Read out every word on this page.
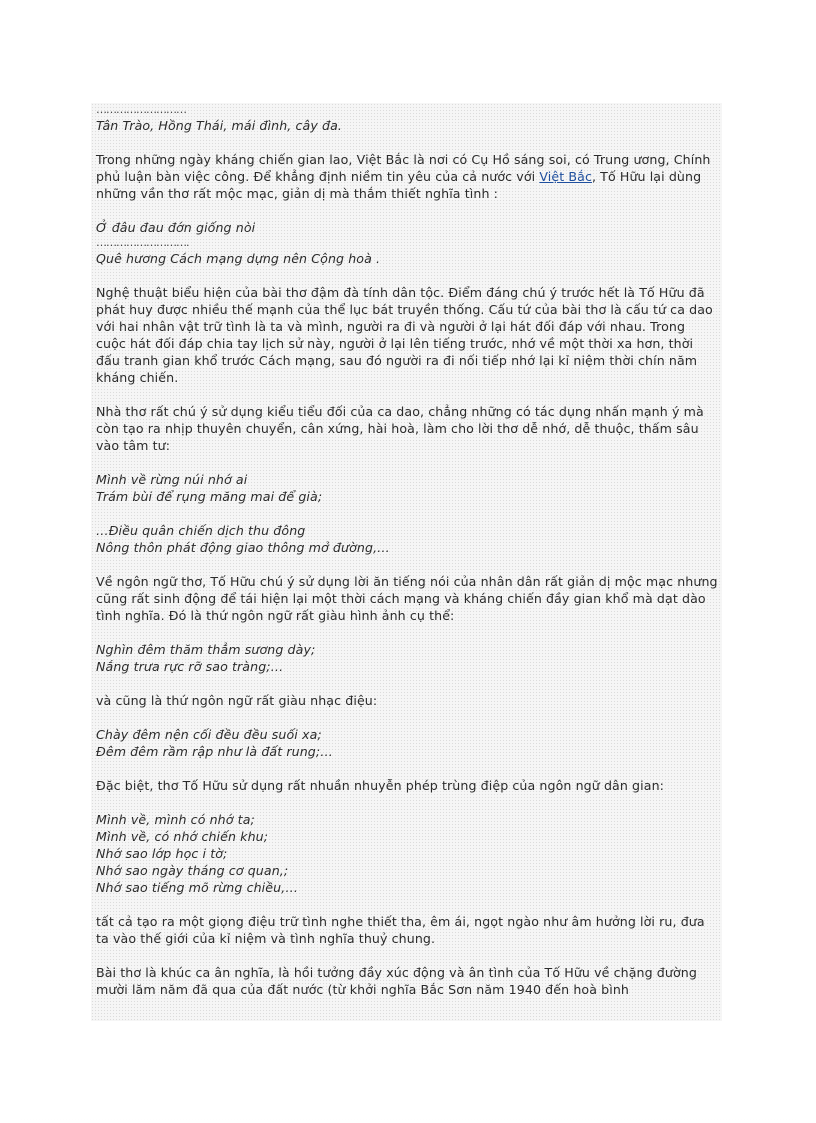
………………………

Tân Trào, Hồng Thái, mái đình, cây đa.

Trong những ngày kháng chiến gian lao, Việt Bắc là nơi có Cụ Hồ sáng soi, có Trung ương, Chính phủ luận bàn việc công. Để khẳng định niềm tin yêu của cả nước với Việt Bắc, Tố Hữu lại dùng những vần thơ rất mộc mạc, giản dị mà thắm thiết nghĩa tình :

Ở đâu đau đớn giống nòi

……………………….

Quê hương Cách mạng dựng nên Cộng hoà .

Nghệ thuật biểu hiện của bài thơ đậm đà tính dân tộc. Điểm đáng chú ý trước hết là Tố Hữu đã phát huy được nhiều thế mạnh của thể lục bát truyền thống. Cấu tứ của bài thơ là cấu tứ ca dao với hai nhân vật trữ tình là ta và mình, người ra đi và người ở lại hát đối đáp với nhau. Trong cuộc hát đối đáp chia tay lịch sử này, người ở lại lên tiếng trước, nhớ về một thời xa hơn, thời đấu tranh gian khổ trước Cách mạng, sau đó người ra đi nối tiếp nhớ lại kỉ niệm thời chín năm kháng chiến.

Nhà thơ rất chú ý sử dụng kiểu tiểu đối của ca dao, chẳng những có tác dụng nhấn mạnh ý mà còn tạo ra nhịp thuyên chuyển, cân xứng, hài hoà, làm cho lời thơ dễ nhớ, dễ thuộc, thấm sâu vào tâm tư:

Mình về rừng núi nhớ ai

Trám bùi để rụng măng mai để già;

…Điều quân chiến dịch thu đông

Nông thôn phát động giao thông mở đường,…

Về ngôn ngữ thơ, Tố Hữu chú ý sử dụng lời ăn tiếng nói của nhân dân rất giản dị mộc mạc nhưng cũng rất sinh động để tái hiện lại một thời cách mạng và kháng chiến đầy gian khổ mà dạt dào tình nghĩa. Đó là thứ ngôn ngữ rất giàu hình ảnh cụ thể:

Nghìn đêm thăm thẳm sương dày;

Nắng trưa rực rỡ sao tràng;…

và cũng là thứ ngôn ngữ rất giàu nhạc điệu:

Chày đêm nện cối đều đều suối xa;

Đêm đêm rầm rập như là đất rung;…

Đặc biệt, thơ Tố Hữu sử dụng rất nhuần nhuyễn phép trùng điệp của ngôn ngữ dân gian:

Mình về, mình có nhớ ta;

Mình về, có nhớ chiến khu;

Nhớ sao lớp học i tờ;

Nhớ sao ngày tháng cơ quan,;

Nhớ sao tiếng mõ rừng chiều,…

tất cả tạo ra một giọng điệu trữ tình nghe thiết tha, êm ái, ngọt ngào như âm hưởng lời ru, đưa ta vào thế giới của kỉ niệm và tình nghĩa thuỷ chung.

Bài thơ là khúc ca ân nghĩa, là hồi tưởng đầy xúc động và ân tình của Tố Hữu về chặng đường mười lăm năm đã qua của đất nước (từ khởi nghĩa Bắc Sơn năm 1940 đến hoà bình
